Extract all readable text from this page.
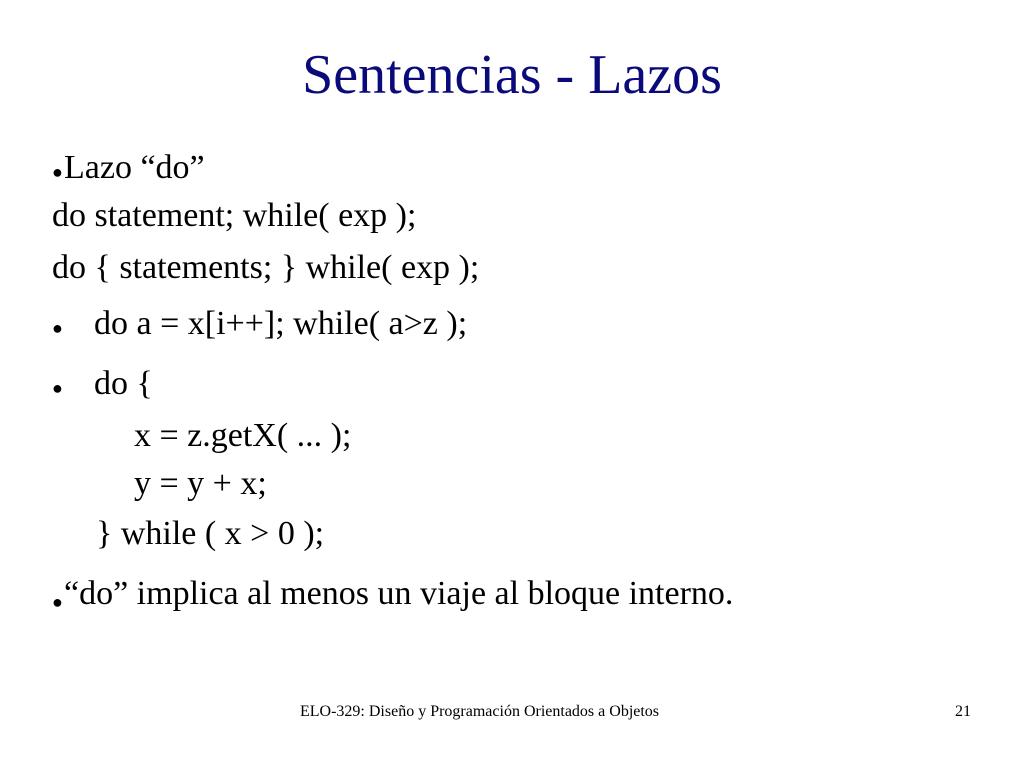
Sentencias - Lazos
● Lazo “do”
do statement; while( exp );
do { statements; } while( exp );
● do a = x[i++]; while( a>z );
● do {
x = z.getX( ... );
y = y + x;
} while ( x > 0 );
● “do” implica al menos un viaje al bloque interno.
ELO-329: Diseño y Programación Orientados a Objetos	21
